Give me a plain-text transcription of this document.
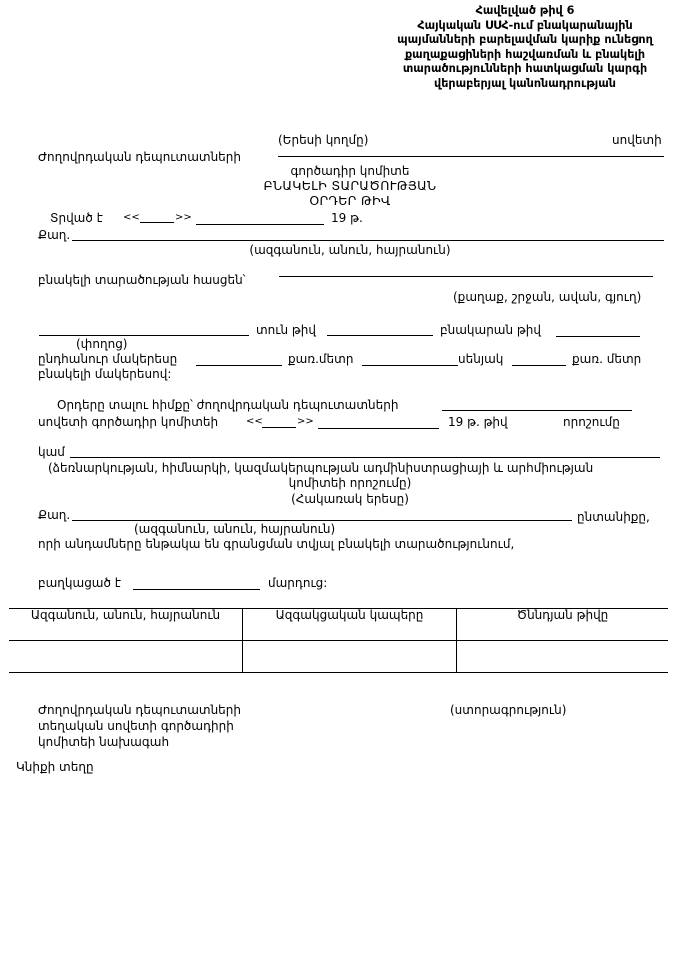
Հավելված թիվ 6
Հայկական ՍՍՀ-ում բնակարանային
պայմանների բարելավման կարիք ունեցող
քաղաքացիների հաշվառման և բնակելի
տարածությունների հատկացման կարգի
վերաբերյալ կանոնադրության
(Երեսի կողմը)	սովետի
Ժողովրդական դեպուտատների
գործադիր կոմիտե
ԲՆԱԿԵԼԻ ՏԱՐԱԾՈՒԹՅԱՆ
ՕՐԴԵՐ ԹԻՎ
Տրված է <<	>>	19 թ.
Քաղ.
(ազգանուն, անուն, հայրանուն)
բնակելի տարածության հասցեն՝
(քաղաք, շրջան, ավան, գյուղ)
տուն թիվ	բնակարան թիվ
(փողոց)
ընդհանուր մակերեսը	քառ.մետր	սենյակ	քառ. մետր
բնակելի մակերեսով:
Օրդերը տալու հիմքը՝ ժողովրդական դեպուտատների
սովետի գործադիր կոմիտեի	<<	>>	19 թ. թիվ	որոշումը
կամ
(ձեռնարկության, հիմնարկի, կազմակերպության ադմինիստրացիայի և արհմիության
կոմիտեի որոշումը)
(Հակառակ երեսը)
Քաղ.	ընտանիքը,
(ազգանուն, անուն, հայրանուն)
որի անդամները ենթակա են գրանցման տվյալ բնակելի տարածությունում,
բաղկացած է	մարդուց:
Ազգանուն, անուն, հայրանուն	Ազգակցական կապերը	Ծննդյան թիվը
Ժողովրդական դեպուտատների
տեղական սովետի գործադիրի
կոմիտեի նախագահ
(ստորագրություն)
Կնիքի տեղը
